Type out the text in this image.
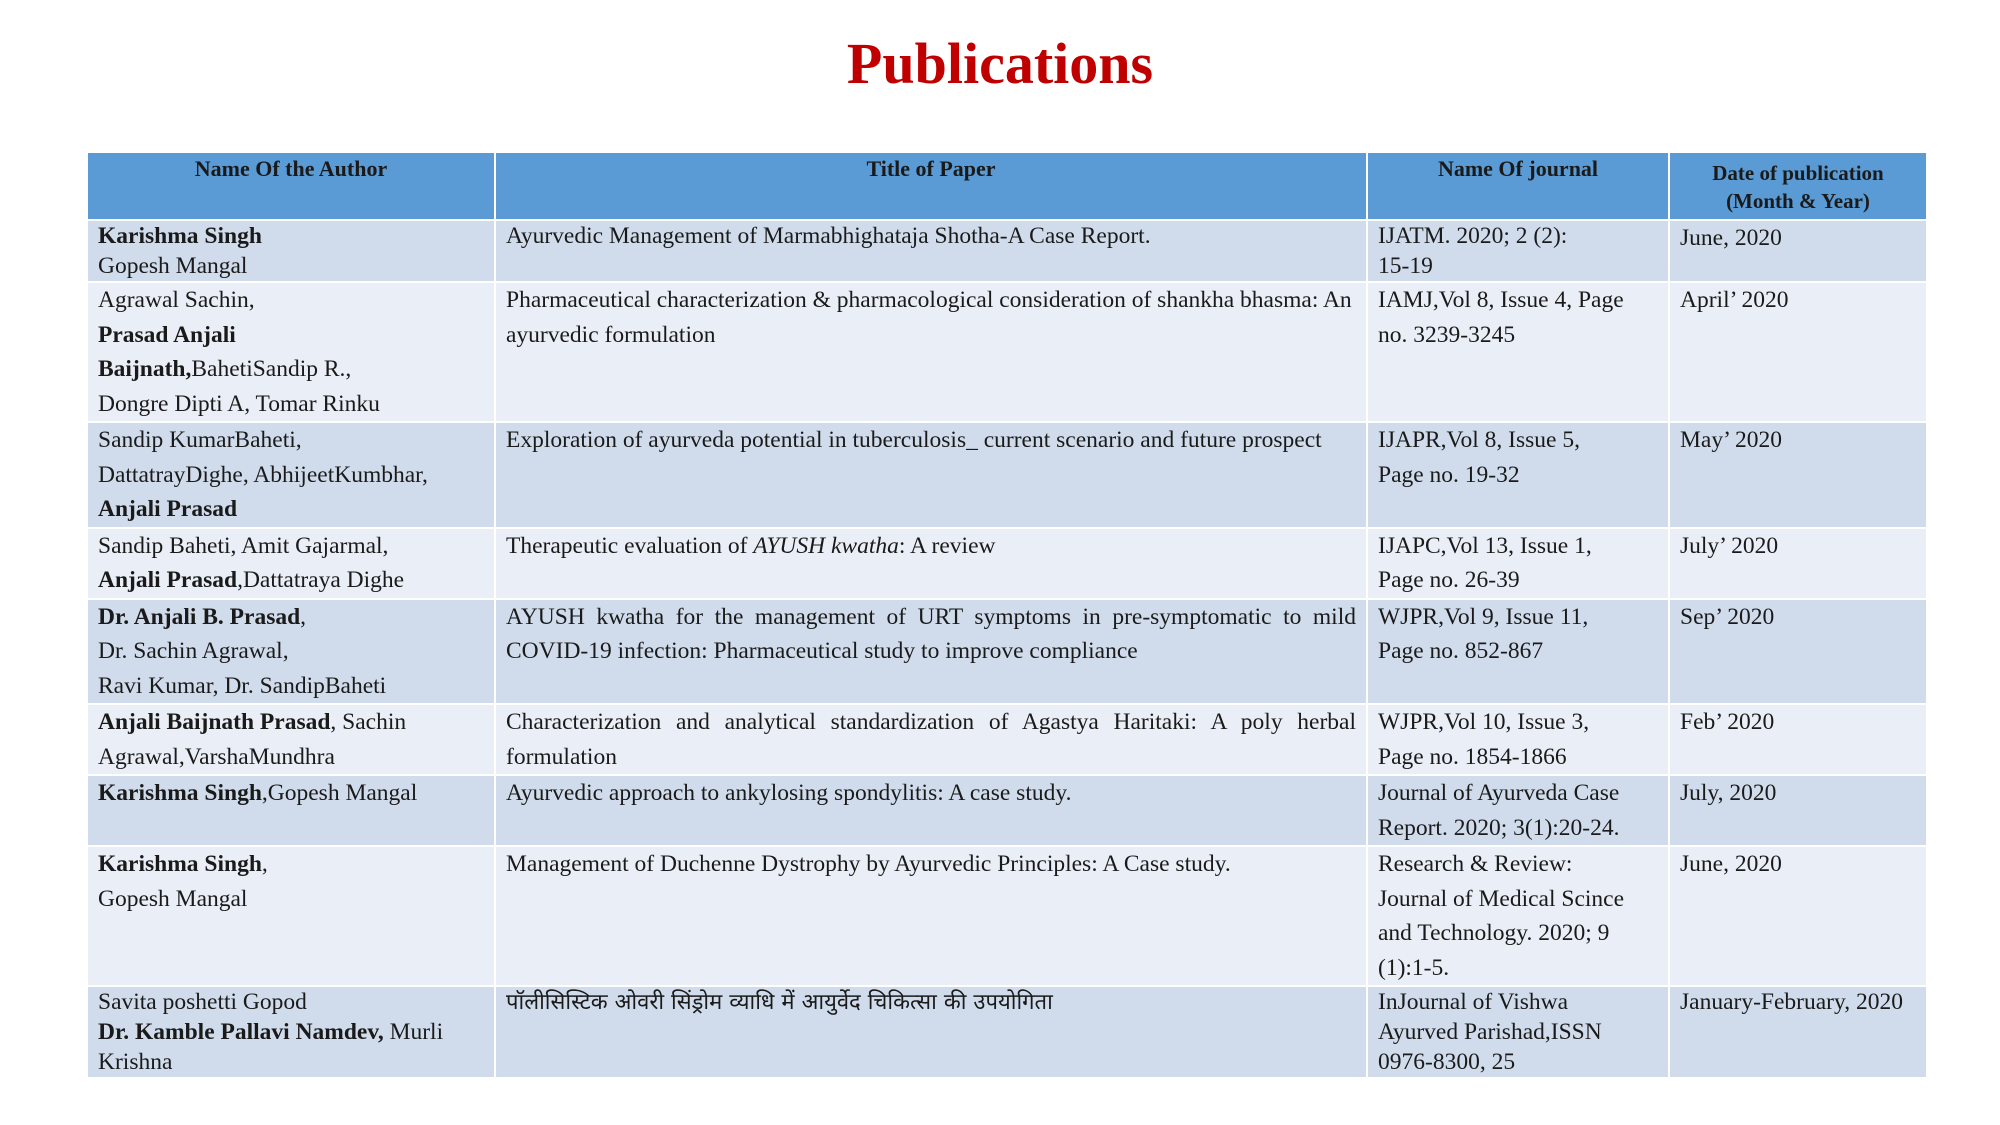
Publications
Name Of the Author	Title of Paper	Name Of journal	Date of publication
(Month & Year)

Karishma Singh
Gopesh Mangal	Ayurvedic Management of Marmabhighataja Shotha-A Case Report.	IJATM. 2020; 2 (2):
15-19	June, 2020

Agrawal Sachin,
Prasad Anjali
Baijnath,BahetiSandip R.,
Dongre Dipti A, Tomar Rinku	Pharmaceutical characterization & pharmacological consideration of shankha bhasma: An ayurvedic formulation	IAMJ,Vol 8, Issue 4, Page
no. 3239-3245	April’ 2020

Sandip KumarBaheti,
DattatrayDighe, AbhijeetKumbhar,
Anjali Prasad	Exploration of ayurveda potential in tuberculosis_ current scenario and future prospect	IJAPR,Vol 8, Issue 5,
Page no. 19-32	May’ 2020

Sandip Baheti, Amit Gajarmal,
Anjali Prasad,Dattatraya Dighe	Therapeutic evaluation of AYUSH kwatha: A review	IJAPC,Vol 13, Issue 1,
Page no. 26-39	July’ 2020

Dr. Anjali B. Prasad,
Dr. Sachin Agrawal,
Ravi Kumar, Dr. SandipBaheti	AYUSH kwatha for the management of URT symptoms in pre-symptomatic to mild COVID-19 infection: Pharmaceutical study to improve compliance	WJPR,Vol 9, Issue 11,
Page no. 852-867	Sep’ 2020

Anjali Baijnath Prasad, Sachin
Agrawal,VarshaMundhra	Characterization and analytical standardization of Agastya Haritaki: A poly herbal formulation	WJPR,Vol 10, Issue 3,
Page no. 1854-1866	Feb’ 2020

Karishma Singh,Gopesh Mangal	Ayurvedic approach to ankylosing spondylitis: A case study.	Journal of Ayurveda Case
Report. 2020; 3(1):20-24.	July, 2020

Karishma Singh,
Gopesh Mangal	Management of Duchenne Dystrophy by Ayurvedic Principles: A Case study.	Research & Review:
Journal of Medical Scince
and Technology. 2020; 9
(1):1-5.	June, 2020

Savita poshetti Gopod
Dr. Kamble Pallavi Namdev, Murli
Krishna	पॉलीसिस्टिक ओवरी सिंड्रोम व्याधि में आयुर्वेद चिकित्सा की उपयोगिता	InJournal of Vishwa
Ayurved Parishad,ISSN
0976-8300, 25	January-February, 2020
